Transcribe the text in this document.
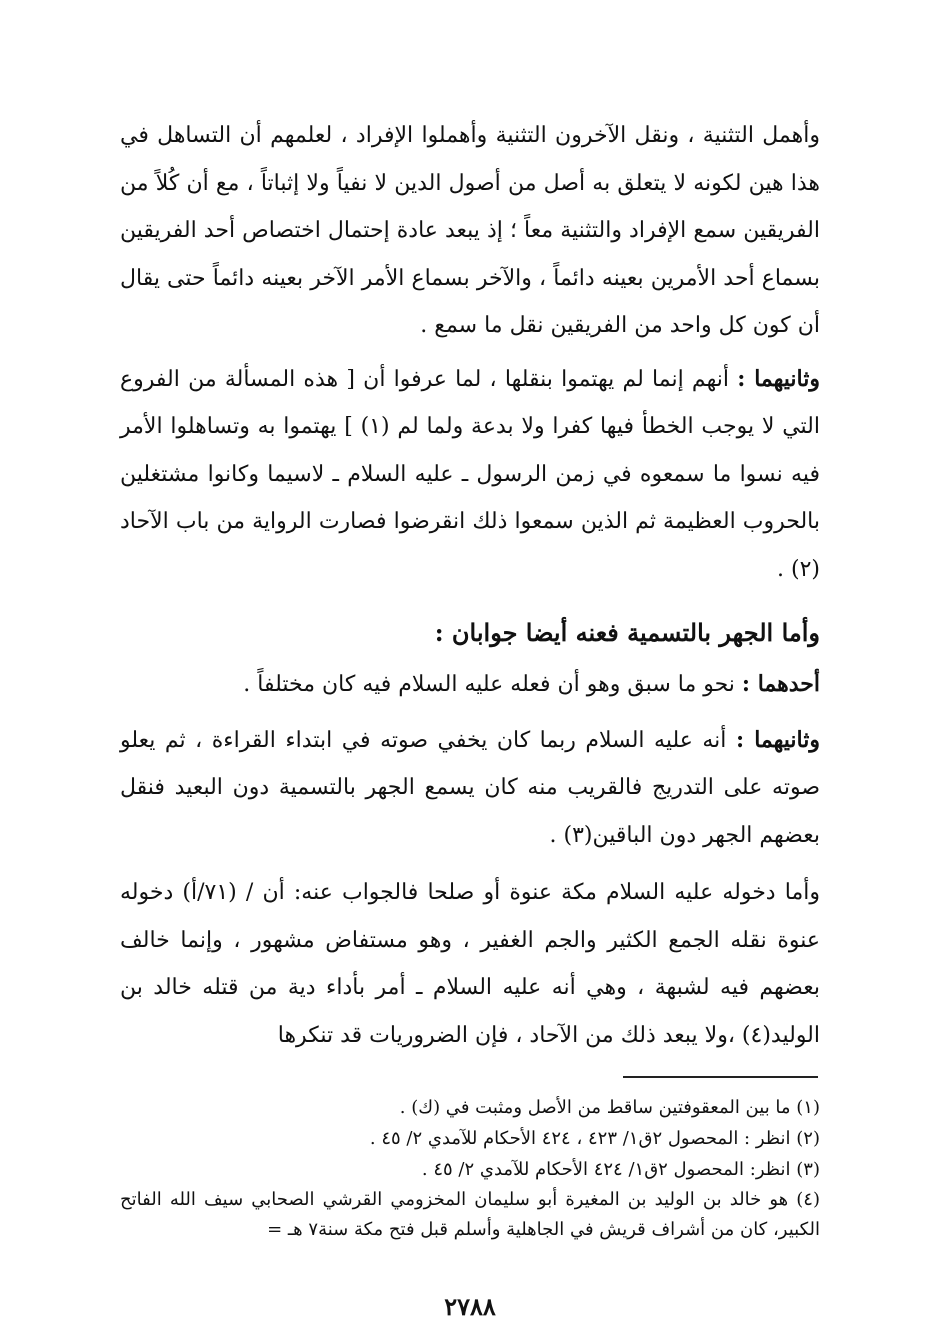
وأهمل التثنية ، ونقل الآخرون التثنية وأهملوا الإفراد ، لعلمهم أن التساهل في هذا هين لكونه لا يتعلق به أصل من أصول الدين لا نفياً ولا إثباتاً ، مع أن كُلاً من الفريقين سمع الإفراد والتثنية معاً ؛ إذ يبعد عادة إحتمال اختصاص أحد الفريقين بسماع أحد الأمرين بعينه دائماً ، والآخر بسماع الأمر الآخر بعينه دائماً حتى يقال أن كون كل واحد من الفريقين نقل ما سمع .

وثانيهما : أنهم إنما لم يهتموا بنقلها ، لما عرفوا أن [ هذه المسألة من الفروع التي لا يوجب الخطأ فيها كفرا ولا بدعة ولما لم (١) ] يهتموا به وتساهلوا الأمر فيه نسوا ما سمعوه في زمن الرسول ـ عليه السلام ـ لاسيما وكانوا مشتغلين بالحروب العظيمة ثم الذين سمعوا ذلك انقرضوا فصارت الرواية من باب الآحاد (٢) .

وأما الجهر بالتسمية فعنه أيضا جوابان :

أحدهما : نحو ما سبق وهو أن فعله عليه السلام فيه كان مختلفاً .

وثانيهما : أنه عليه السلام ربما كان يخفي صوته في ابتداء القراءة ، ثم يعلو صوته على التدريج فالقريب منه كان يسمع الجهر بالتسمية دون البعيد فنقل بعضهم الجهر دون الباقين(٣) .

وأما دخوله عليه السلام مكة عنوة أو صلحا فالجواب عنه: أن / (٧١/أ) دخوله عنوة نقله الجمع الكثير والجم الغفير ، وهو مستفاض مشهور ، وإنما خالف بعضهم فيه لشبهة ، وهي أنه عليه السلام ـ أمر بأداء دية من قتله خالد بن الوليد(٤) ،ولا يبعد ذلك من الآحاد ، فإن الضروريات قد تنكرها

(١) ما بين المعقوفتين ساقط من الأصل ومثبت في (ك) .

(٢) انظر : المحصول ٢ق١/ ٤٢٣ ، ٤٢٤ الأحكام للآمدي ٢/ ٤٥ .

(٣) انظر: المحصول ٢ق١/ ٤٢٤ الأحكام للآمدي ٢/ ٤٥ .

(٤) هو خالد بن الوليد بن المغيرة أبو سليمان المخزومي القرشي الصحابي سيف الله الفاتح الكبير، كان من أشراف قريش في الجاهلية وأسلم قبل فتح مكة سنة٧ هـ =

٢٧٨٨
